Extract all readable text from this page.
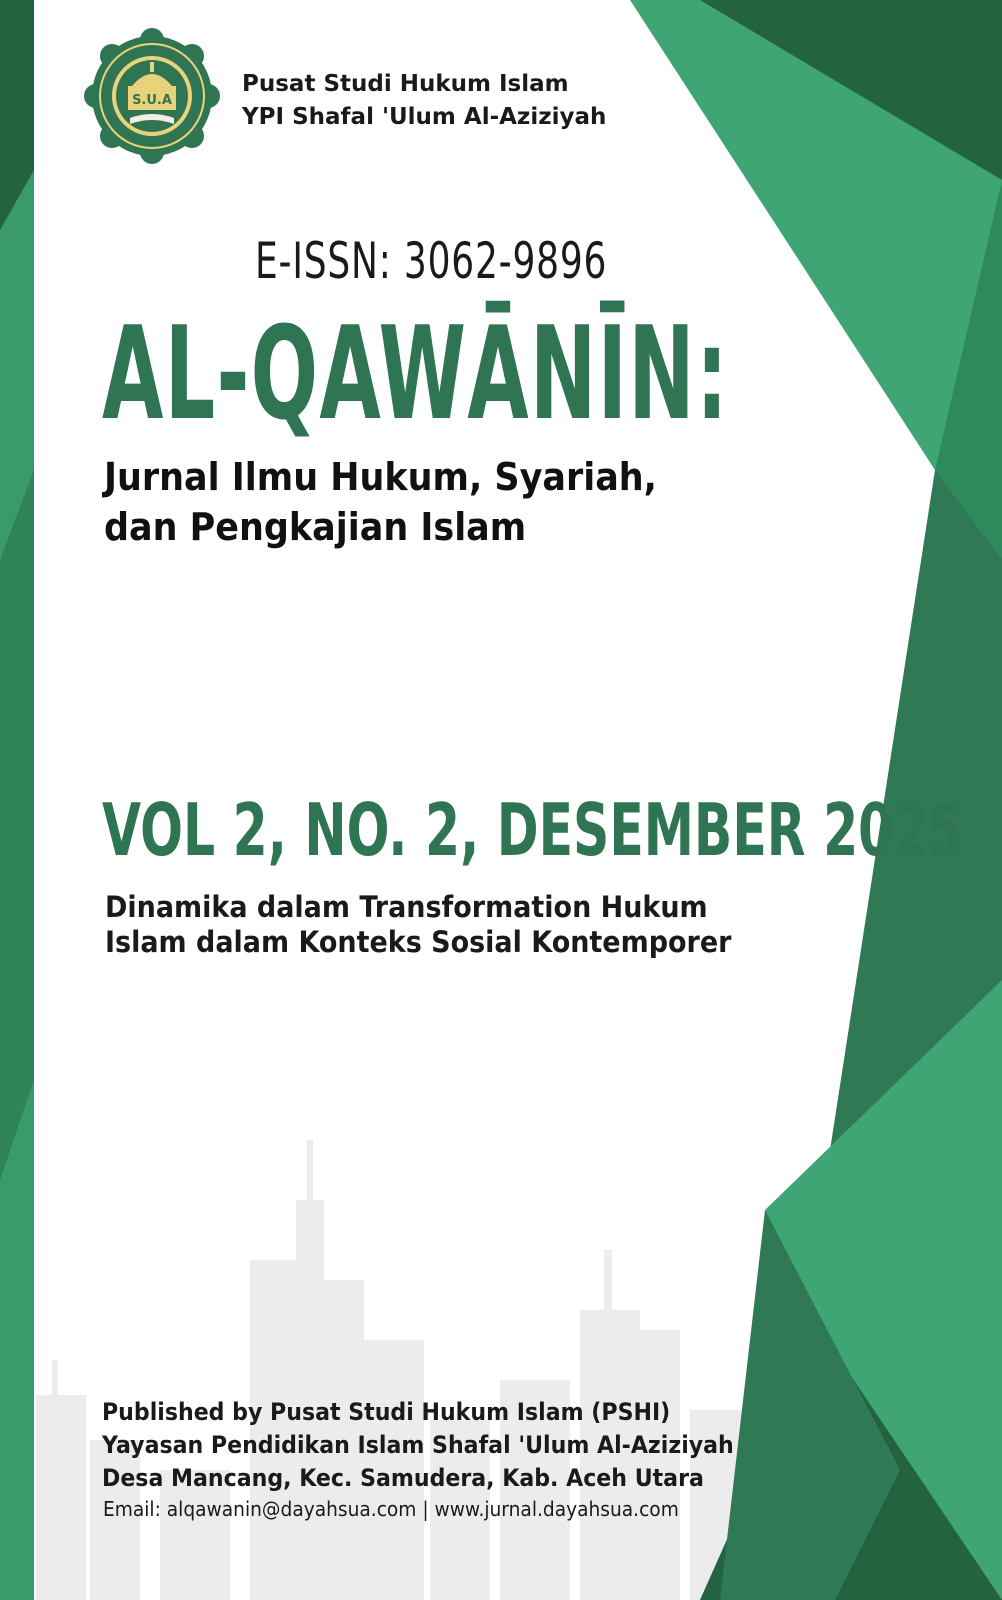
S.U.A
Pusat Studi Hukum Islam
YPI Shafal 'Ulum Al-Aziziyah
E-ISSN: 3062-9896
AL-QAWĀNĪN:
Jurnal Ilmu Hukum, Syariah,
dan Pengkajian Islam
VOL 2, NO. 2, DESEMBER 2025
Dinamika dalam Transformation Hukum
Islam dalam Konteks Sosial Kontemporer
Published by Pusat Studi Hukum Islam (PSHI)
Yayasan Pendidikan Islam Shafal 'Ulum Al-Aziziyah
Desa Mancang, Kec. Samudera, Kab. Aceh Utara
Email: alqawanin@dayahsua.com | www.jurnal.dayahsua.com
